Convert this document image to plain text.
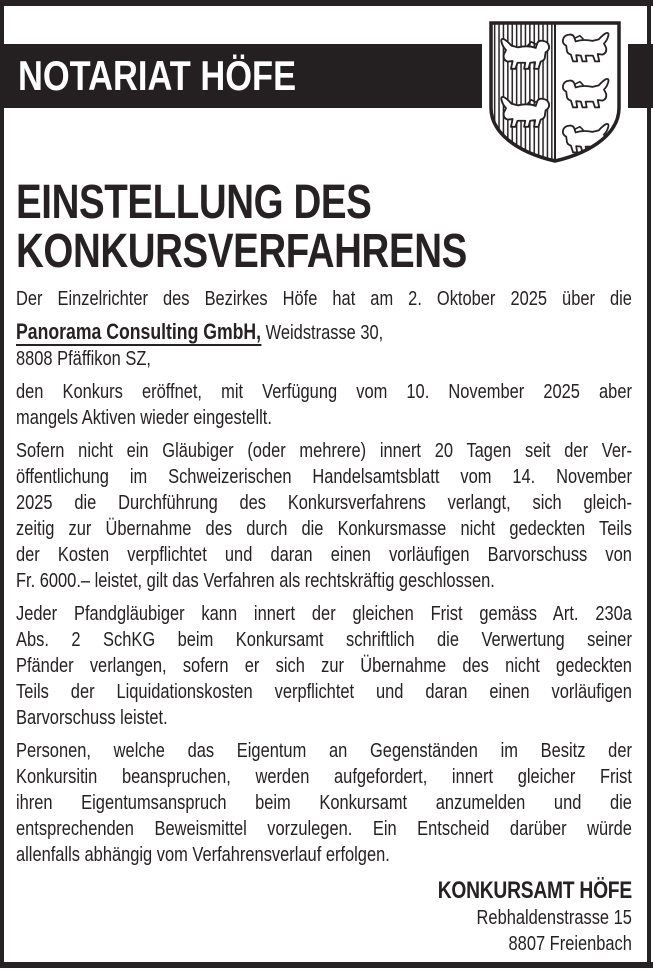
NOTARIAT HÖFE
EINSTELLUNG DES
KONKURSVERFAHRENS
Der Einzelrichter des Bezirkes Höfe hat am 2. Oktober 2025 über die
Panorama Consulting GmbH, Weidstrasse 30,
8808 Pfäffikon SZ,
den Konkurs eröffnet, mit Verfügung vom 10. November 2025 aber
mangels Aktiven wieder eingestellt.
Sofern nicht ein Gläubiger (oder mehrere) innert 20 Tagen seit der Ver-
öffentlichung im Schweizerischen Handelsamtsblatt vom 14. November
2025 die Durchführung des Konkursverfahrens verlangt, sich gleich-
zeitig zur Übernahme des durch die Konkursmasse nicht gedeckten Teils
der Kosten verpflichtet und daran einen vorläufigen Barvorschuss von
Fr. 6000.– leistet, gilt das Verfahren als rechtskräftig geschlossen.
Jeder Pfandgläubiger kann innert der gleichen Frist gemäss Art. 230a
Abs. 2 SchKG beim Konkursamt schriftlich die Verwertung seiner
Pfänder verlangen, sofern er sich zur Übernahme des nicht gedeckten
Teils der Liquidationskosten verpflichtet und daran einen vorläufigen
Barvorschuss leistet.
Personen, welche das Eigentum an Gegenständen im Besitz der
Konkursitin beanspruchen, werden aufgefordert, innert gleicher Frist
ihren Eigentumsanspruch beim Konkursamt anzumelden und die
entsprechenden Beweismittel vorzulegen. Ein Entscheid darüber würde
allenfalls abhängig vom Verfahrensverlauf erfolgen.
KONKURSAMT HÖFE
Rebhaldenstrasse 15
8807 Freienbach
